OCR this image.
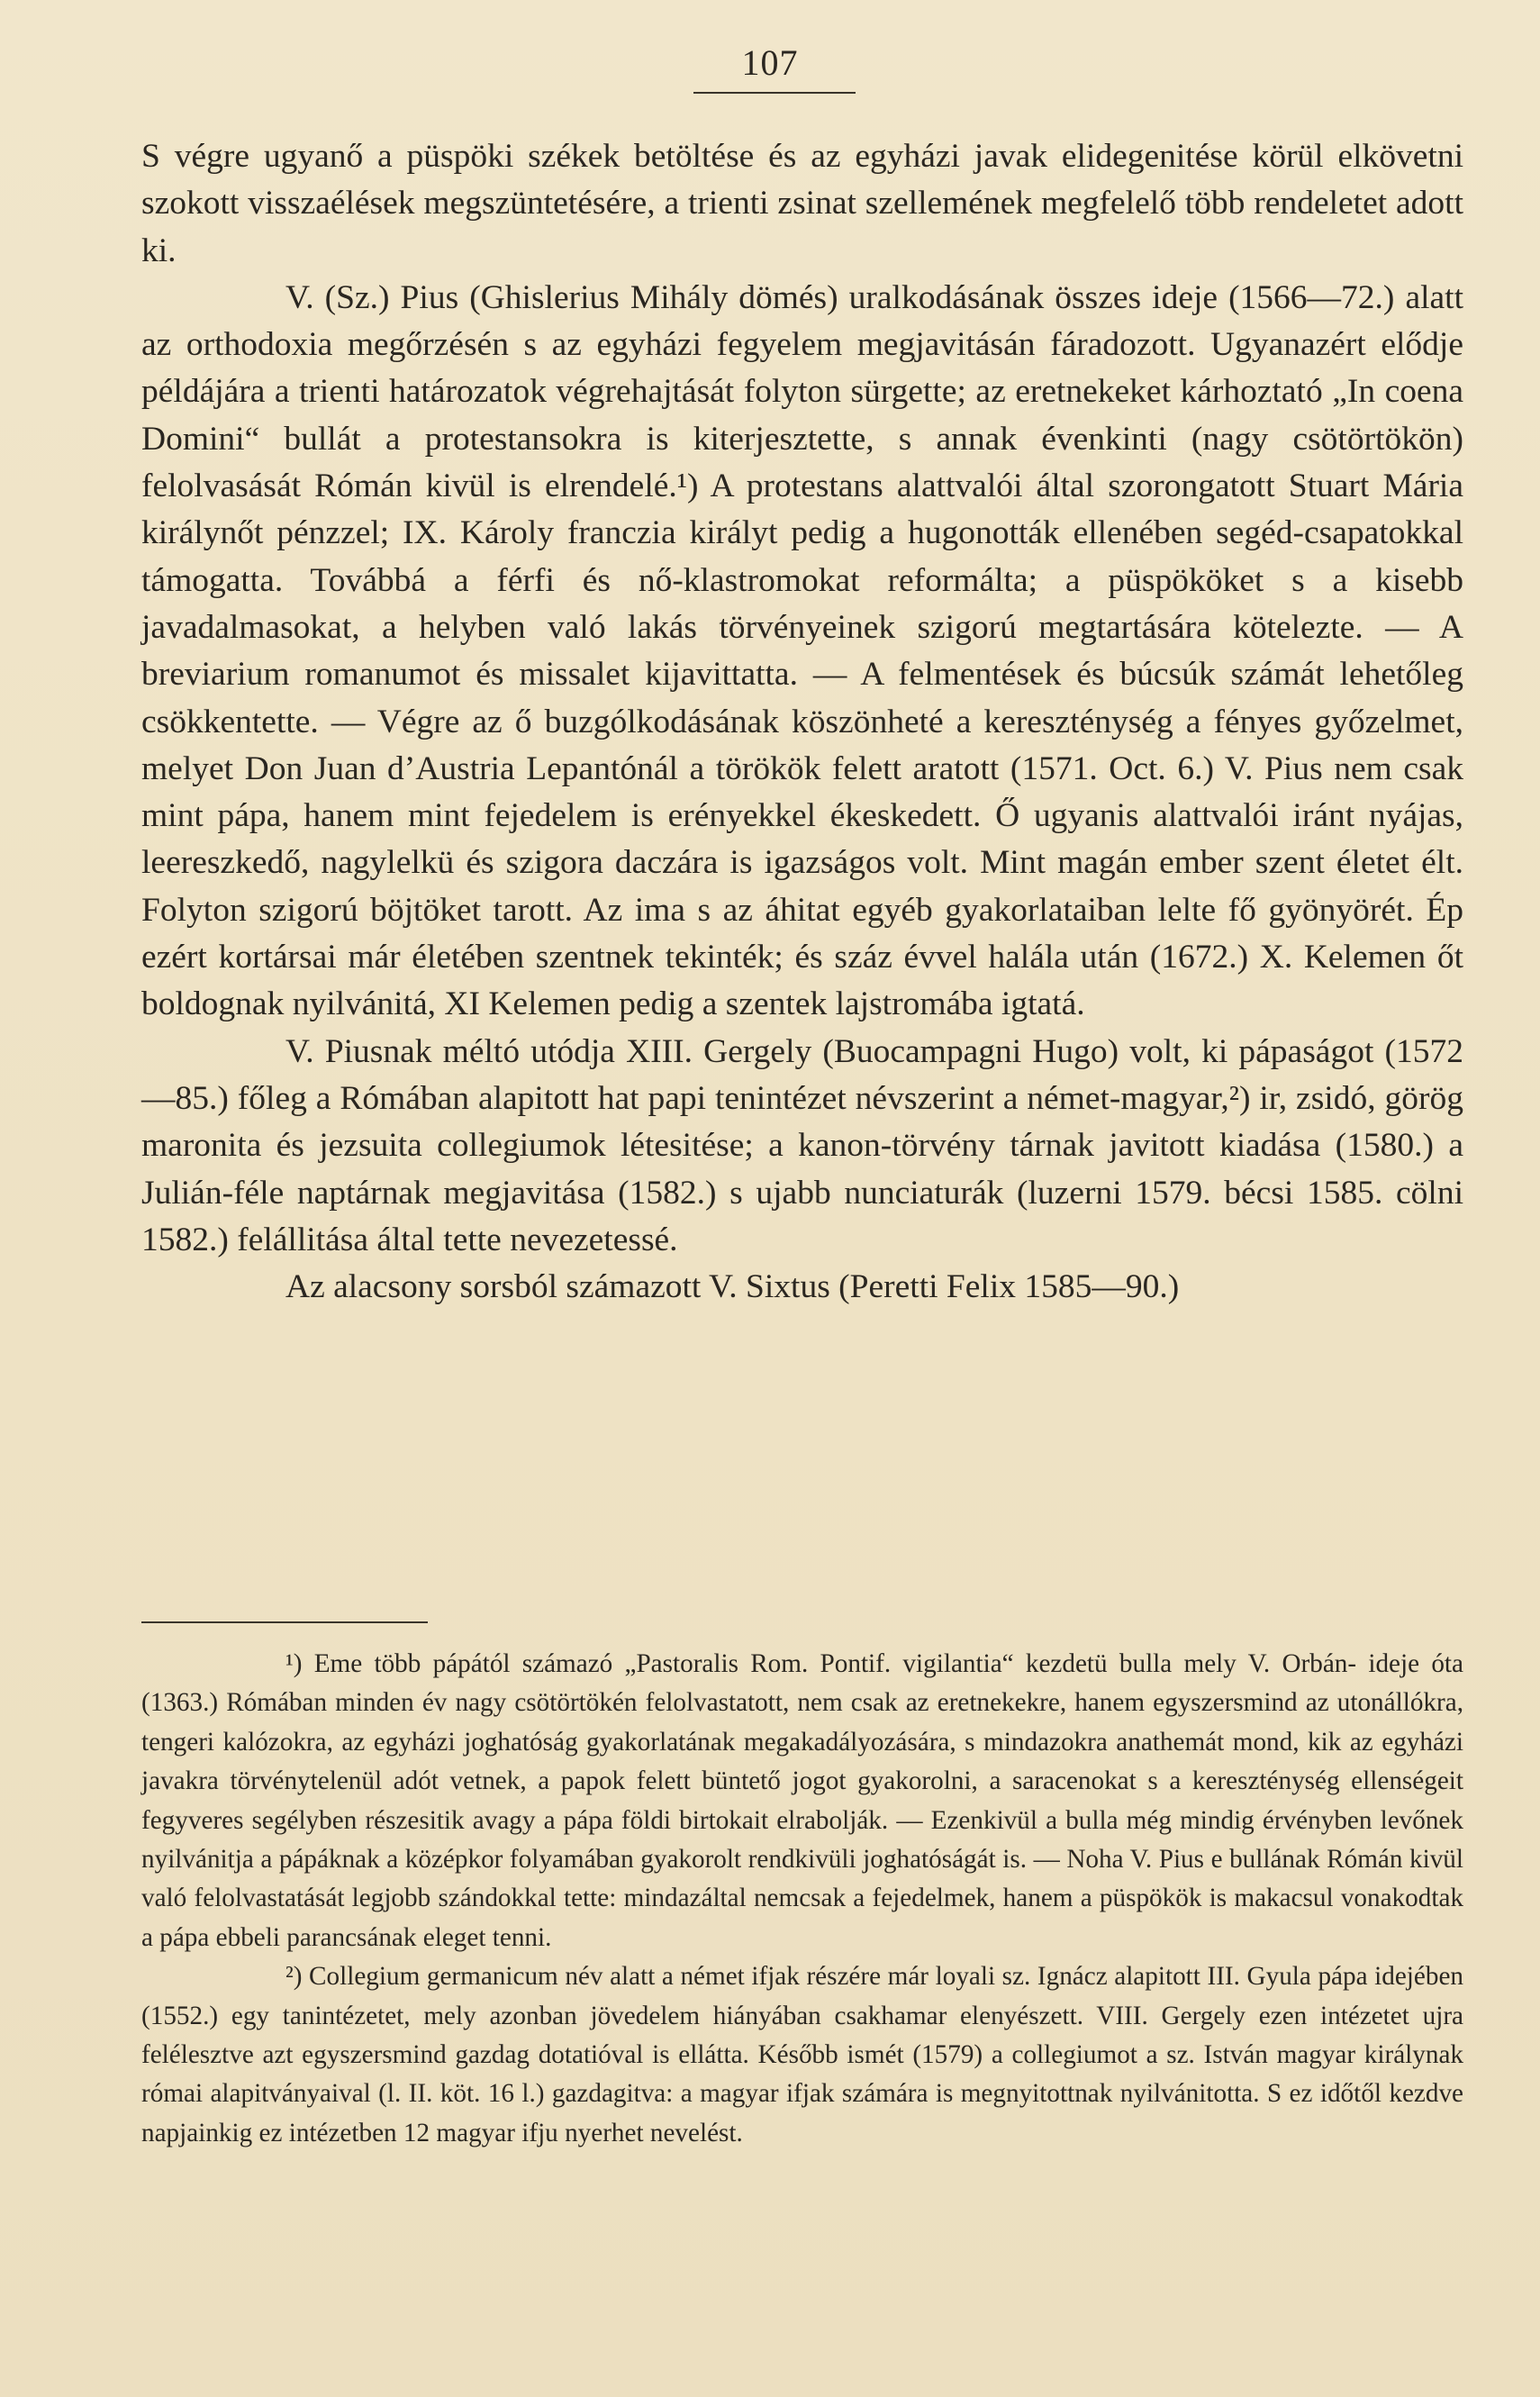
107

S végre ugyanő a püspöki székek betöltése és az egyházi javak elidegenitése körül elkövetni szokott visszaélések megszüntetésére, a trienti zsinat szellemének megfelelő több rendeletet adott ki.

V. (Sz.) Pius (Ghislerius Mihály dömés) uralkodásának összes ideje (1566—72.) alatt az orthodoxia megőrzésén s az egyházi fegyelem megjavitásán fáradozott. Ugyanazért elődje példájára a trienti határozatok végrehajtását folyton sürgette; az eretnekeket kárhoztató „In coena Domini“ bullát a protestansokra is kiterjesztette, s annak évenkinti (nagy csötörtökön) felolvasását Rómán kivül is elrendelé.¹) A protestans alattvalói által szorongatott Stuart Mária királynőt pénzzel; IX. Károly franczia királyt pedig a hugonották ellenében segéd-csapatokkal támogatta. Továbbá a férfi és nő-klastromokat reformálta; a püspököket s a kisebb javadalmasokat, a helyben való lakás törvényeinek szigorú megtartására kötelezte. — A breviarium romanumot és missalet kijavittatta. — A felmentések és búcsúk számát lehetőleg csökkentette. — Végre az ő buzgólkodásának köszönheté a kereszténység a fényes győzelmet, melyet Don Juan d’Austria Lepantónál a törökök felett aratott (1571. Oct. 6.) V. Pius nem csak mint pápa, hanem mint fejedelem is erényekkel ékeskedett. Ő ugyanis alattvalói iránt nyájas, leereszkedő, nagylelkü és szigora daczára is igazságos volt. Mint magán ember szent életet élt. Folyton szigorú böjtöket tarott. Az ima s az áhitat egyéb gyakorlataiban lelte fő gyönyörét. Ép ezért kortársai már életében szentnek tekinték; és száz évvel halála után (1672.) X. Kelemen őt boldognak nyilvánitá, XI Kelemen pedig a szentek lajstromába igtatá.

V. Piusnak méltó utódja XIII. Gergely (Buocampagni Hugo) volt, ki pápaságot (1572—85.) főleg a Rómában alapitott hat papi tenintézet névszerint a német-magyar,²) ir, zsidó, görög maronita és jezsuita collegiumok létesitése; a kanon-törvény tárnak javitott kiadása (1580.) a Julián-féle naptárnak megjavitása (1582.) s ujabb nunciaturák (luzerni 1579. bécsi 1585. cölni 1582.) felállitása által tette nevezetessé.

Az alacsony sorsból számazott V. Sixtus (Peretti Felix 1585—90.)

¹) Eme több pápától számazó „Pastoralis Rom. Pontif. vigilantia“ kezdetü bulla mely V. Orbán- ideje óta (1363.) Rómában minden év nagy csötörtökén felolvastatott, nem csak az eretnekekre, hanem egyszersmind az utonállókra, tengeri kalózokra, az egyházi joghatóság gyakorlatának megakadályozására, s mindazokra anathemát mond, kik az egyházi javakra törvénytelenül adót vetnek, a papok felett büntető jogot gyakorolni, a saracenokat s a kereszténység ellenségeit fegyveres segélyben részesitik avagy a pápa földi birtokait elrabolják. — Ezenkivül a bulla még mindig érvényben levőnek nyilvánitja a pápáknak a középkor folyamában gyakorolt rendkivüli joghatóságát is. — Noha V. Pius e bullának Rómán kivül való felolvastatását legjobb szándokkal tette: mindazáltal nemcsak a fejedelmek, hanem a püspökök is makacsul vonakodtak a pápa ebbeli parancsának eleget tenni.

²) Collegium germanicum név alatt a német ifjak részére már loyali sz. Ignácz alapitott III. Gyula pápa idejében (1552.) egy tanintézetet, mely azonban jövedelem hiányában csakhamar elenyészett. VIII. Gergely ezen intézetet ujra felélesztve azt egyszersmind gazdag dotatióval is ellátta. Később ismét (1579) a collegiumot a sz. István magyar királynak római alapitványaival (l. II. köt. 16 l.) gazdagitva: a magyar ifjak számára is megnyitottnak nyilvánitotta. S ez időtől kezdve napjainkig ez intézetben 12 magyar ifju nyerhet nevelést.
